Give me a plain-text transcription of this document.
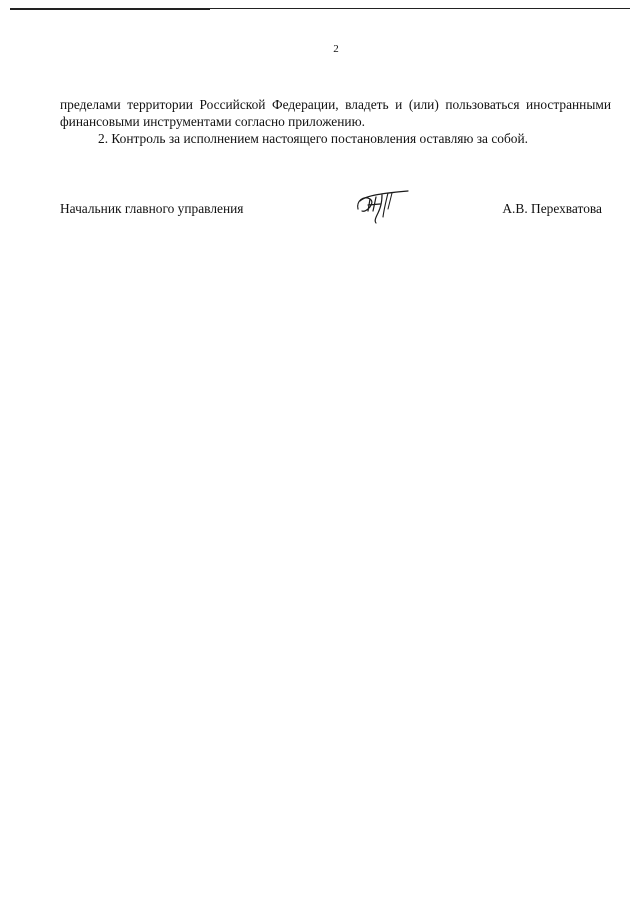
2

пределами территории Российской Федерации, владеть и (или) пользоваться иностранными финансовыми инструментами согласно приложению.

2. Контроль за исполнением настоящего постановления оставляю за собой.

Начальник главного управления	А.В. Перехватова
